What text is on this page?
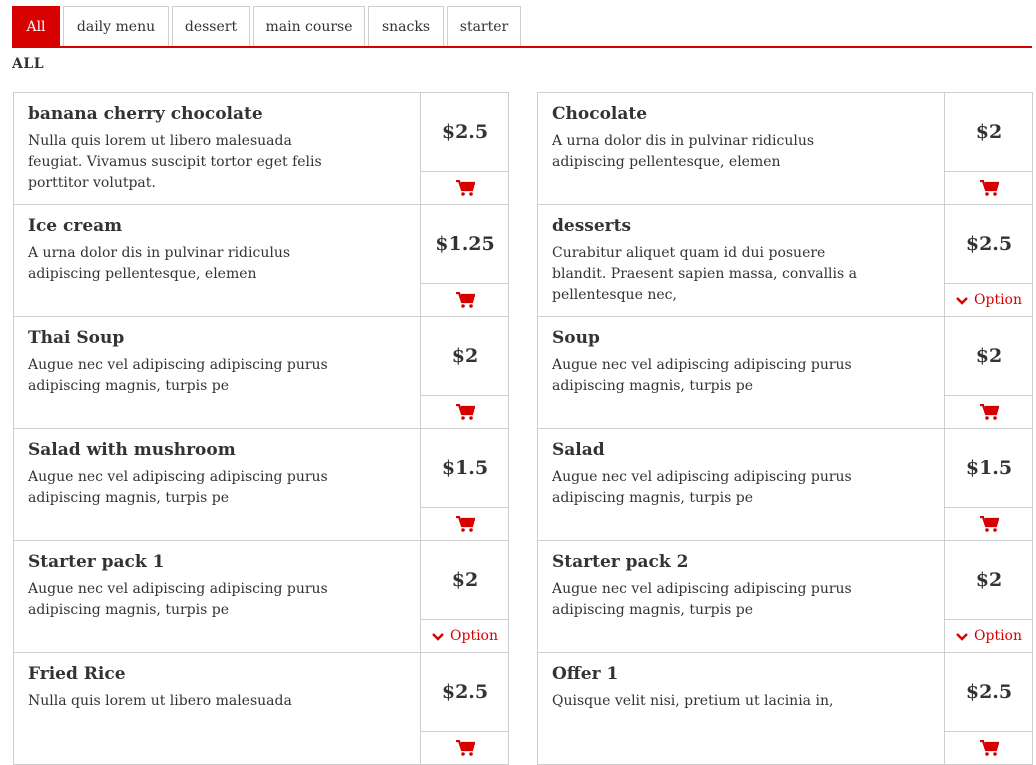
All	daily menu	dessert	main course	snacks	starter
ALL
banana cherry chocolate
Nulla quis lorem ut libero malesuada feugiat. Vivamus suscipit tortor eget felis porttitor volutpat.
$2.5
Chocolate
A urna dolor dis in pulvinar ridiculus adipiscing pellentesque, elemen
$2
Ice cream
A urna dolor dis in pulvinar ridiculus adipiscing pellentesque, elemen
$1.25
desserts
Curabitur aliquet quam id dui posuere blandit. Praesent sapien massa, convallis a pellentesque nec,
$2.5
Option
Thai Soup
Augue nec vel adipiscing adipiscing purus adipiscing magnis, turpis pe
$2
Soup
Augue nec vel adipiscing adipiscing purus adipiscing magnis, turpis pe
$2
Salad with mushroom
Augue nec vel adipiscing adipiscing purus adipiscing magnis, turpis pe
$1.5
Salad
Augue nec vel adipiscing adipiscing purus adipiscing magnis, turpis pe
$1.5
Starter pack 1
Augue nec vel adipiscing adipiscing purus adipiscing magnis, turpis pe
$2
Option
Starter pack 2
Augue nec vel adipiscing adipiscing purus adipiscing magnis, turpis pe
$2
Option
Fried Rice
Nulla quis lorem ut libero malesuada	$2.5
Offer 1
Quisque velit nisi, pretium ut lacinia in,	$2.5
